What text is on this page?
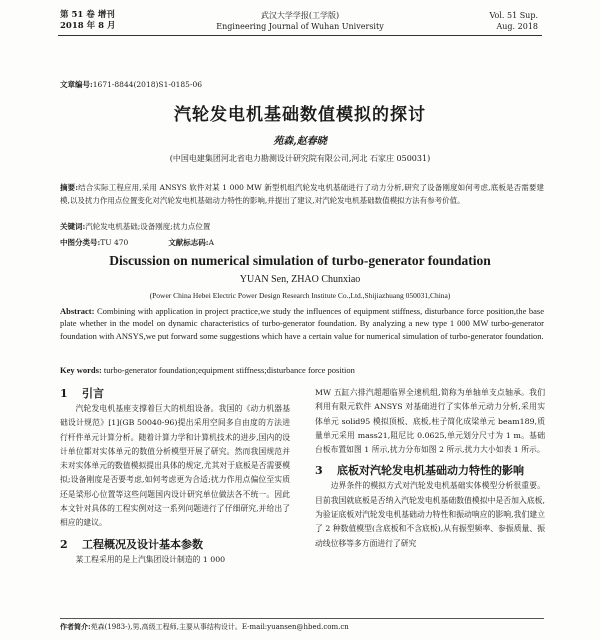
第 51 卷 增刊
2018 年 8 月
武汉大学学报(工学版)
Engineering Journal of Wuhan University
Vol. 51 Sup.
Aug. 2018
文章编号:1671-8844(2018)S1-0185-06
汽轮发电机基础数值模拟的探讨
苑森,赵春晓
(中国电建集团河北省电力勘测设计研究院有限公司,河北 石家庄 050031)
摘要:结合实际工程应用,采用 ANSYS 软件对某 1 000 MW 新型机组汽轮发电机基础进行了动力分析,研究了设备刚度如何考虑,底板是否需要建模,以及扰力作用点位置变化对汽轮发电机基础动力特性的影响,并提出了建议,对汽轮发电机基础数值模拟方法有参考价值。
关键词:汽轮发电机基础;设备刚度;扰力点位置
中图分类号:TU 470	文献标志码:A
Discussion on numerical simulation of turbo-generator foundation
YUAN Sen, ZHAO Chunxiao
(Power China Hebei Electric Power Design Research Institute Co.,Ltd.,Shijiazhuang 050031,China)
Abstract: Combining with application in project practice,we study the influences of equipment stiffness, disturbance force position,the base plate whether in the model on dynamic characteristics of turbo-generator foundation. By analyzing a new type 1 000 MW turbo-generator foundation with ANSYS,we put forward some suggestions which have a certain value for numerical simulation of turbo-generator foundation.
Key words: turbo-generator foundation;equipment stiffness;disturbance force position
1 引言

汽轮发电机基座支撑着巨大的机组设备。我国的《动力机器基础设计规范》[1](GB 50040-96)提出采用空间多自由度的方法进行杆件单元计算分析。随着计算力学和计算机技术的进步,国内的设计单位都对实体单元的数值分析模型开展了研究。然而我国规范并未对实体单元的数值模拟提出具体的规定,尤其对于底板是否需要模拟;设备刚度是否要考虑,如何考虑更为合适;扰力作用点偏位至实质还是梁形心位置等这些问题国内设计研究单位做法各不统一。因此本文针对具体的工程实例对这一系列问题进行了仔细研究,并给出了相应的建议。

2 工程概况及设计基本参数

某工程采用的是上汽集团设计制造的 1 000

MW 五缸六排汽超超临界全速机组,简称为单轴单支点轴承。我们利用有限元软件 ANSYS 对基础进行了实体单元动力分析,采用实体单元 solid95 模拟顶板、底板,柱子简化成梁单元 beam189,质量单元采用 mass21,阻尼比 0.0625,单元划分尺寸为 1 m。基础台板布置如图 1 所示,扰力分布如图 2 所示,扰力大小如表 1 所示。

3 底板对汽轮发电机基础动力特性的影响

边界条件的模拟方式对汽轮发电机基础实体模型分析很重要。目前我国就底板是否纳入汽轮发电机基础数值模拟中是否加入底板,为验证底板对汽轮发电机基础动力特性和振动响应的影响,我们建立了 2 种数值模型(含底板和不含底板),从有振型频率、参振质量、振动线位移等多方面进行了研究

作者简介:苑森(1983-),男,高级工程师,主要从事结构设计。E-mail:yuansen@hbed.com.cn
